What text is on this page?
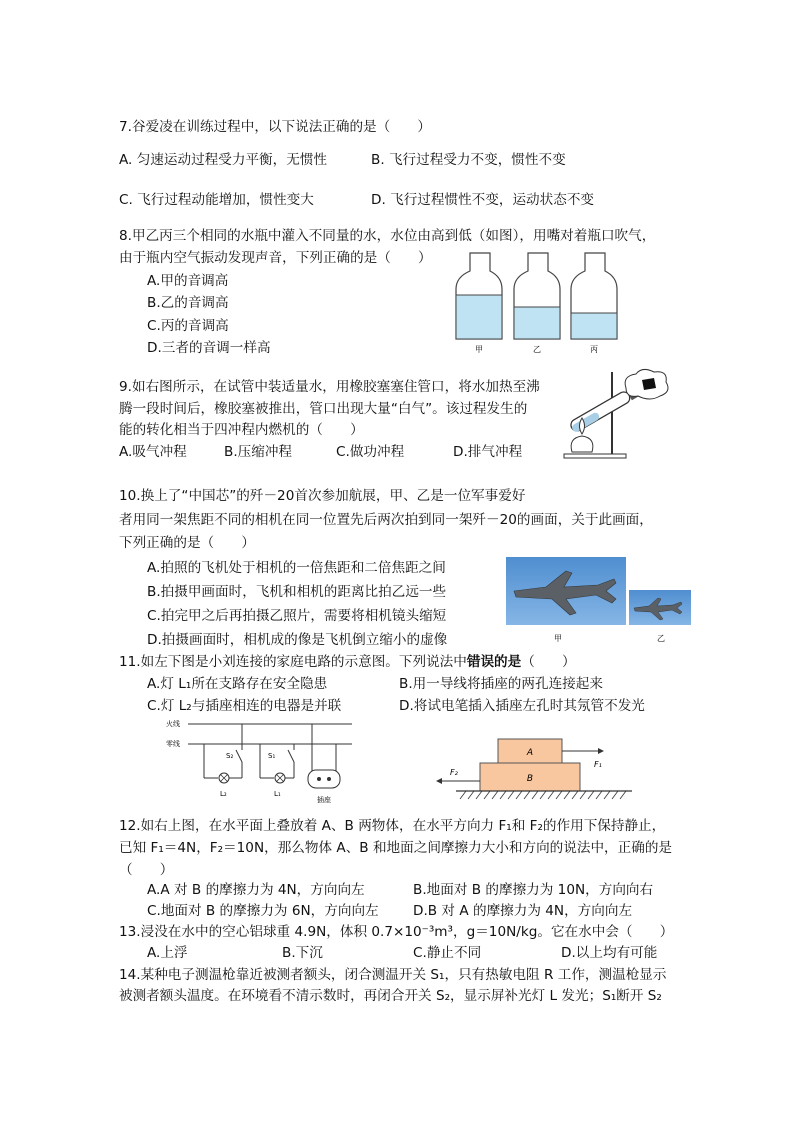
7.谷爱凌在训练过程中，以下说法正确的是（　　）
A. 匀速运动过程受力平衡，无惯性	B. 飞行过程受力不变，惯性不变
C. 飞行过程动能增加，惯性变大	D. 飞行过程惯性不变，运动状态不变
8.甲乙丙三个相同的水瓶中灌入不同量的水，水位由高到低（如图），用嘴对着瓶口吹气，
由于瓶内空气振动发现声音，下列正确的是（　　）
A.甲的音调高
B.乙的音调高
C.丙的音调高
D.三者的音调一样高	甲	乙	丙
9.如右图所示，在试管中装适量水，用橡胶塞塞住管口，将水加热至沸
腾一段时间后，橡胶塞被推出，管口出现大量“白气”。该过程发生的
能的转化相当于四冲程内燃机的（　　）
A.吸气冲程	B.压缩冲程	C.做功冲程	D.排气冲程
10.换上了“中国芯”的歼－20首次参加航展，甲、乙是一位军事爱好
者用同一架焦距不同的相机在同一位置先后两次拍到同一架歼－20的画面，关于此画面，
下列正确的是（　　）
A.拍照的飞机处于相机的一倍焦距和二倍焦距之间
B.拍摄甲画面时，飞机和相机的距离比拍乙远一些
C.拍完甲之后再拍摄乙照片，需要将相机镜头缩短
D.拍摄画面时，相机成的像是飞机倒立缩小的虚像	甲	乙
11.如左下图是小刘连接的家庭电路的示意图。下列说法中错误的是（　　）
A.灯 L₁所在支路存在安全隐患	B.用一导线将插座的两孔连接起来
C.灯 L₂与插座相连的电器是并联	D.将试电笔插入插座左孔时其氖管不发光
火线
零线
S₂
L₂
S₁
L₁
插座
A
B
F₁
F₂
12.如右上图，在水平面上叠放着 A、B 两物体，在水平方向力 F₁和 F₂的作用下保持静止，
已知 F₁＝4N，F₂＝10N，那么物体 A、B 和地面之间摩擦力大小和方向的说法中，正确的是
（　　）
A.A 对 B 的摩擦力为 4N，方向向左	B.地面对 B 的摩擦力为 10N，方向向右
C.地面对 B 的摩擦力为 6N，方向向左	D.B 对 A 的摩擦力为 4N，方向向左
13.浸没在水中的空心铝球重 4.9N，体积 0.7×10⁻³m³，g＝10N/kg。它在水中会（　　）
A.上浮	B.下沉	C.静止不同	D.以上均有可能
14.某种电子测温枪靠近被测者额头，闭合测温开关 S₁，只有热敏电阻 R 工作，测温枪显示
被测者额头温度。在环境看不清示数时，再闭合开关 S₂，显示屏补光灯 L 发光；S₁断开 S₂
